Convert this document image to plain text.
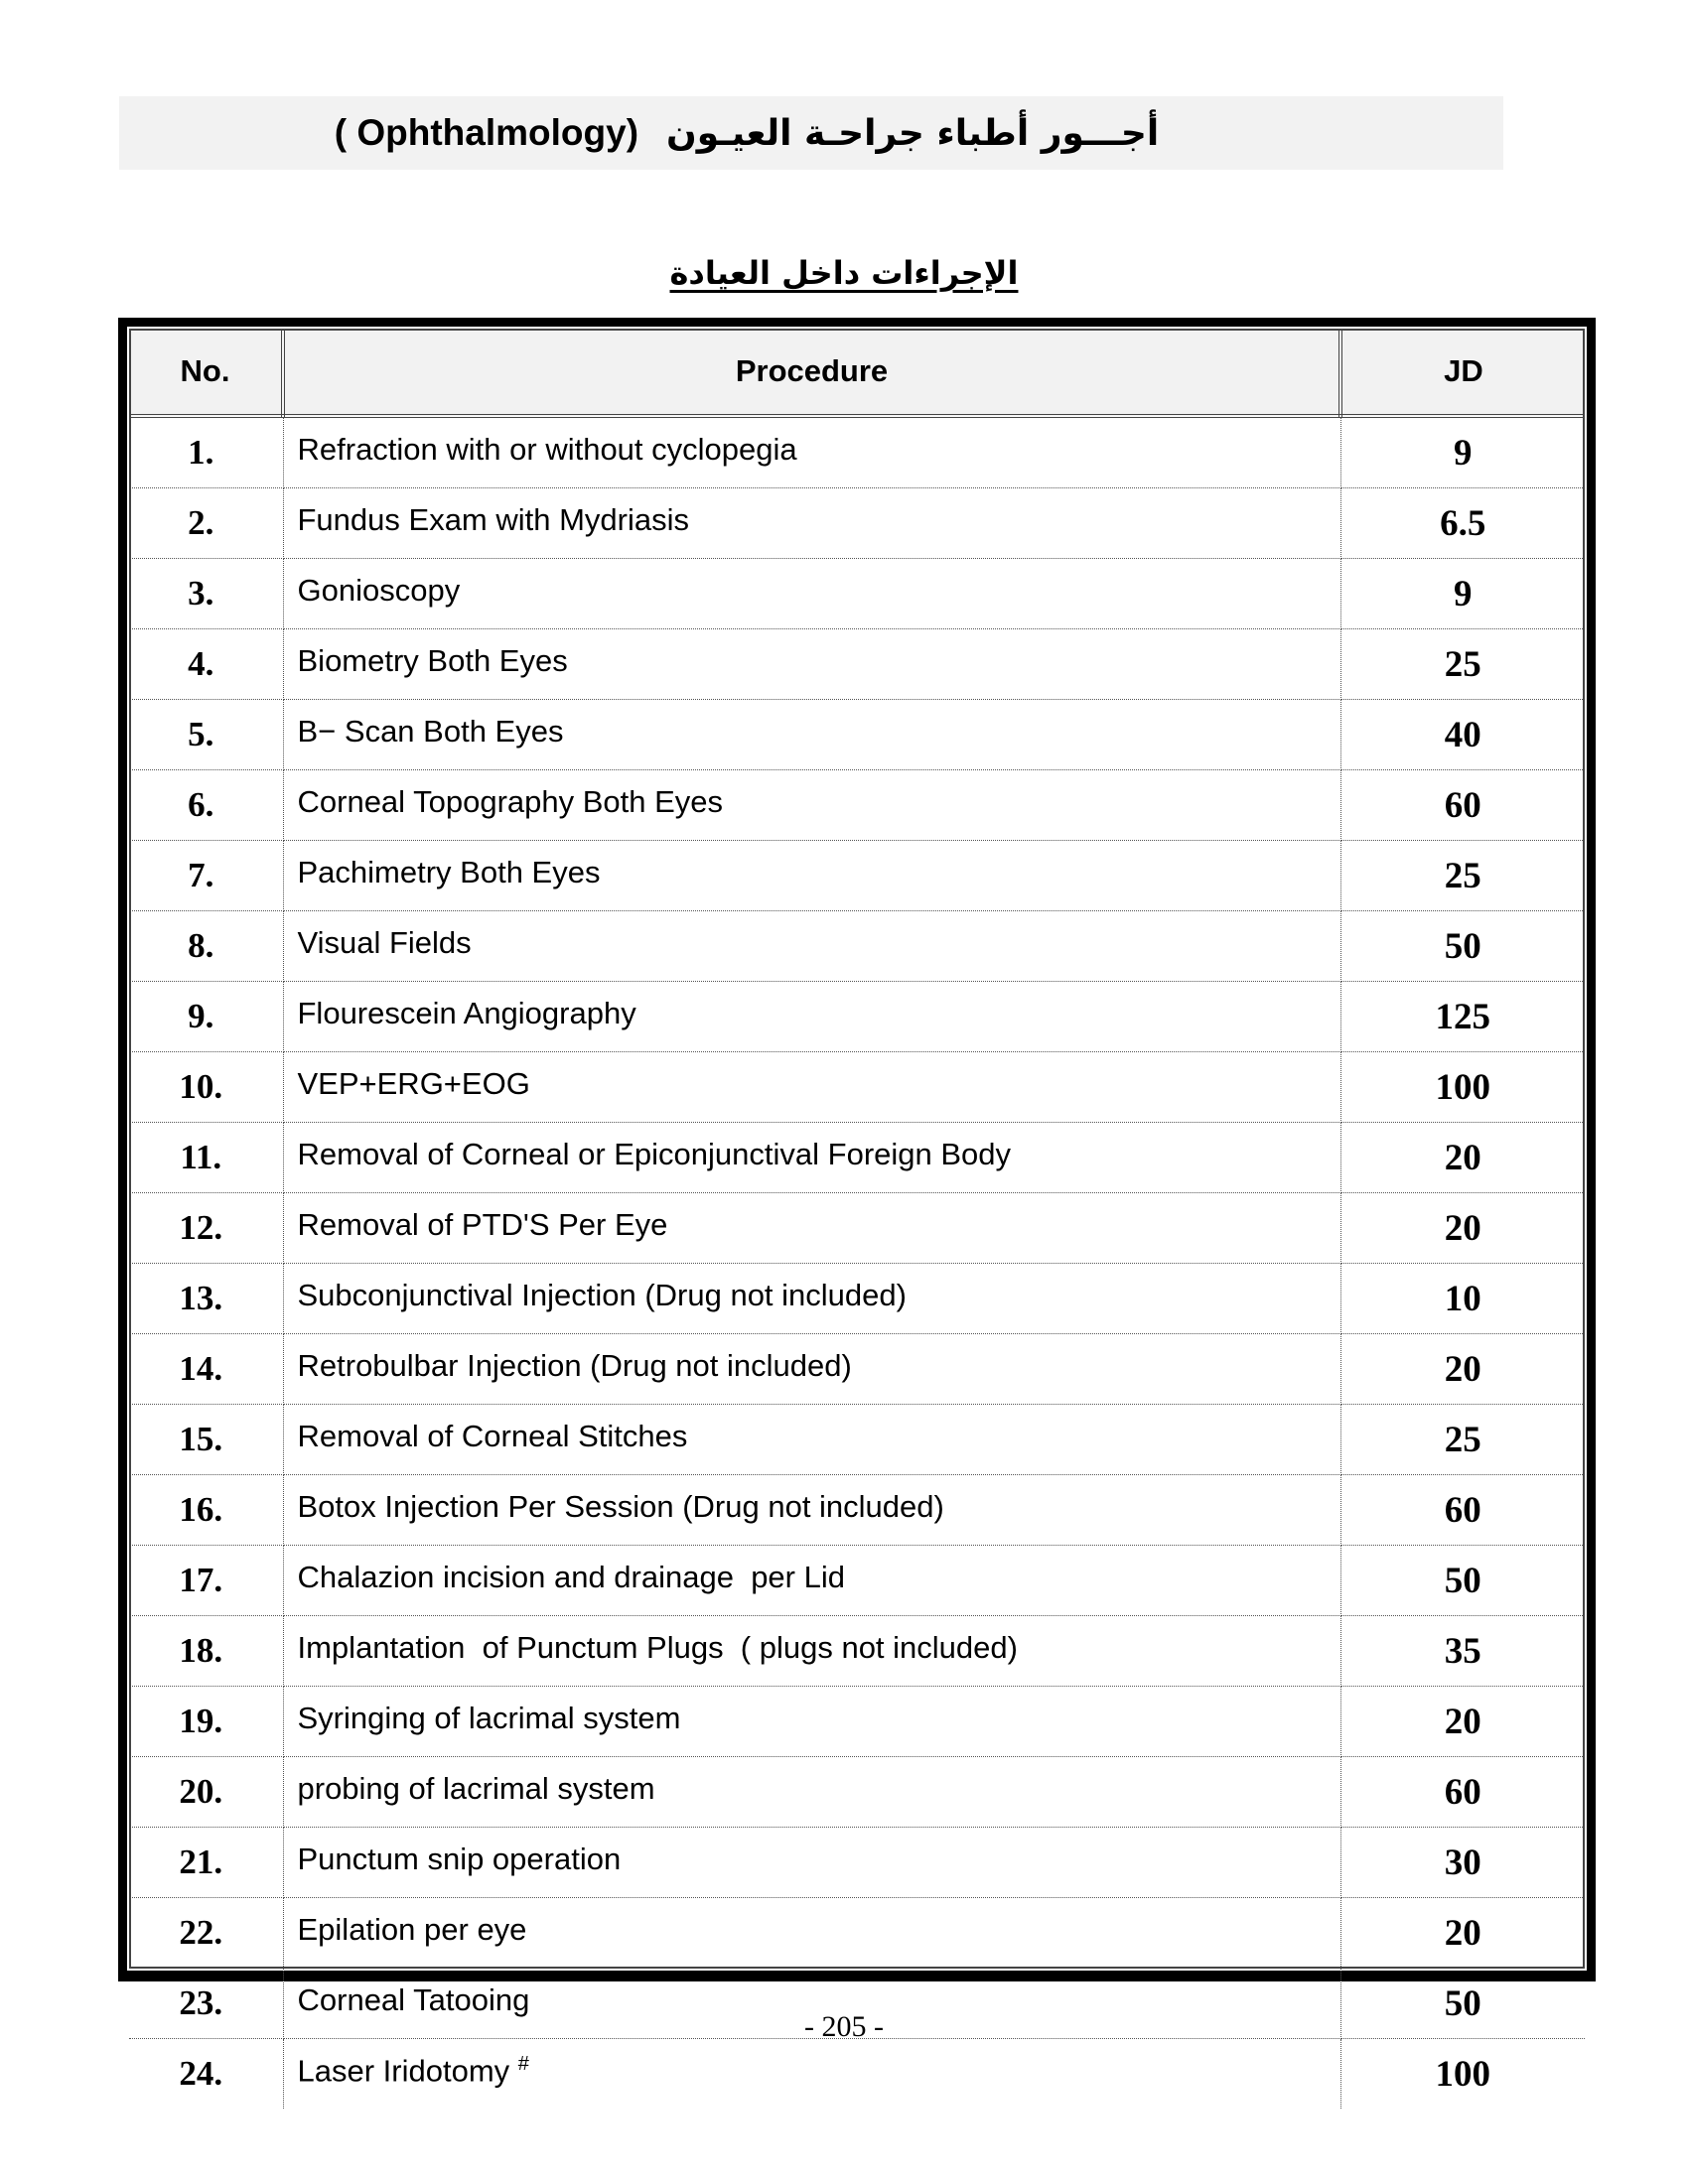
( Ophthalmology) أجـــور أطباء جراحـة العيـون
الإجراءات داخل العيادة
No.	Procedure	JD
1.	Refraction with or without cyclopegia	9
2.	Fundus Exam with Mydriasis	6.5
3.	Gonioscopy	9
4.	Biometry Both Eyes	25
5.	B− Scan Both Eyes	40
6.	Corneal Topography Both Eyes	60
7.	Pachimetry Both Eyes	25
8.	Visual Fields	50
9.	Flourescein Angiography	125
10.	VEP+ERG+EOG	100
11.	Removal of Corneal or Epiconjunctival Foreign Body	20
12.	Removal of PTD'S Per Eye	20
13.	Subconjunctival Injection (Drug not included)	10
14.	Retrobulbar Injection (Drug not included)	20
15.	Removal of Corneal Stitches	25
16.	Botox Injection Per Session (Drug not included)	60
17.	Chalazion incision and drainage  per Lid	50
18.	Implantation  of Punctum Plugs  ( plugs not included)	35
19.	Syringing of lacrimal system	20
20.	probing of lacrimal system	60
21.	Punctum snip operation	30
22.	Epilation per eye	20
23.	Corneal Tatooing	50
24.	Laser Iridotomy #	100
- 205 -
